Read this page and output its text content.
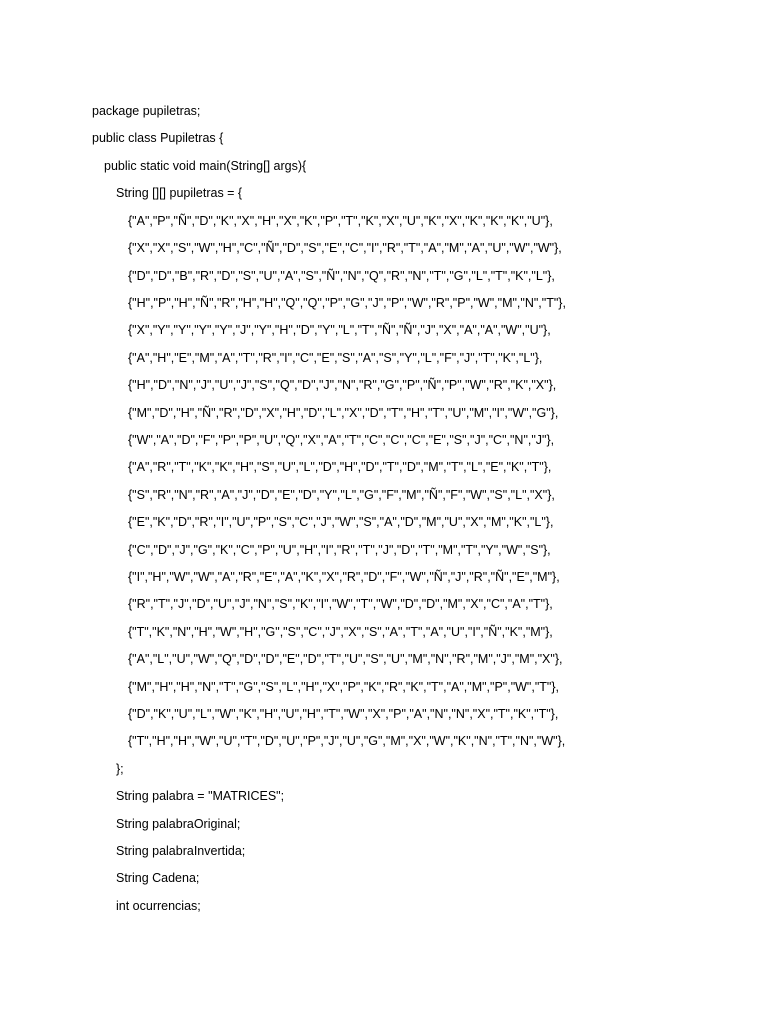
package pupiletras;
public class Pupiletras {
public static void main(String[] args){
String [][] pupiletras = {
{"A","P","Ñ","D","K","X","H","X","K","P","T","K","X","U","K","X","K","K","K","U"},
{"X","X","S","W","H","C","Ñ","D","S","E","C","I","R","T","A","M","A","U","W","W"},
{"D","D","B","R","D","S","U","A","S","Ñ","N","Q","R","N","T","G","L","T","K","L"},
{"H","P","H","Ñ","R","H","H","Q","Q","P","G","J","P","W","R","P","W","M","N","T"},
{"X","Y","Y","Y","Y","J","Y","H","D","Y","L","T","Ñ","Ñ","J","X","A","A","W","U"},
{"A","H","E","M","A","T","R","I","C","E","S","A","S","Y","L","F","J","T","K","L"},
{"H","D","N","J","U","J","S","Q","D","J","N","R","G","P","Ñ","P","W","R","K","X"},
{"M","D","H","Ñ","R","D","X","H","D","L","X","D","T","H","T","U","M","I","W","G"},
{"W","A","D","F","P","P","U","Q","X","A","T","C","C","C","E","S","J","C","N","J"},
{"A","R","T","K","K","H","S","U","L","D","H","D","T","D","M","T","L","E","K","T"},
{"S","R","N","R","A","J","D","E","D","Y","L","G","F","M","Ñ","F","W","S","L","X"},
{"E","K","D","R","I","U","P","S","C","J","W","S","A","D","M","U","X","M","K","L"},
{"C","D","J","G","K","C","P","U","H","I","R","T","J","D","T","M","T","Y","W","S"},
{"I","H","W","W","A","R","E","A","K","X","R","D","F","W","Ñ","J","R","Ñ","E","M"},
{"R","T","J","D","U","J","N","S","K","I","W","T","W","D","D","M","X","C","A","T"},
{"T","K","N","H","W","H","G","S","C","J","X","S","A","T","A","U","I","Ñ","K","M"},
{"A","L","U","W","Q","D","D","E","D","T","U","S","U","M","N","R","M","J","M","X"},
{"M","H","H","N","T","G","S","L","H","X","P","K","R","K","T","A","M","P","W","T"},
{"D","K","U","L","W","K","H","U","H","T","W","X","P","A","N","N","X","T","K","T"},
{"T","H","H","W","U","T","D","U","P","J","U","G","M","X","W","K","N","T","N","W"},
};
String palabra = "MATRICES";
String palabraOriginal;
String palabraInvertida;
String Cadena;
int ocurrencias;
